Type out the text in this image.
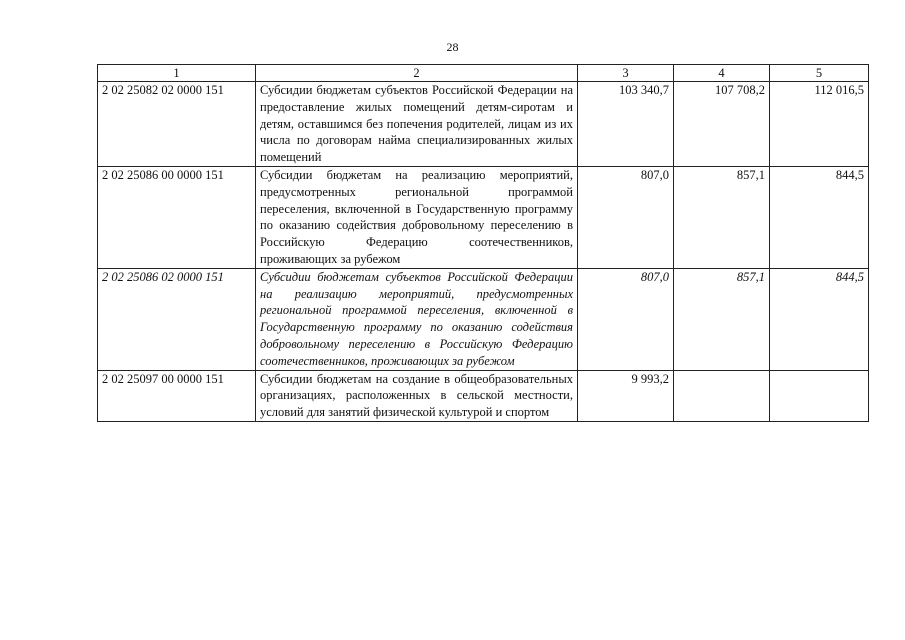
28
1	2	3	4	5
2 02 25082 02 0000 151	Субсидии бюджетам субъектов Российской Федерации на предоставление жилых помещений детям-сиротам и детям, оставшимся без попечения родителей, лицам из их числа по договорам найма специализированных жилых помещений	103 340,7	107 708,2	112 016,5
2 02 25086 00 0000 151	Субсидии бюджетам на реализацию мероприятий, предусмотренных региональной программой переселения, включенной в Государственную программу по оказанию содействия добровольному переселению в Российскую Федерацию соотечественников, проживающих за рубежом	807,0	857,1	844,5
2 02 25086 02 0000 151	Субсидии бюджетам субъектов Российской Федерации на реализацию мероприятий, предусмотренных региональной программой переселения, включенной в Государственную программу по оказанию содействия добровольному переселению в Российскую Федерацию соотечественников, проживающих за рубежом	807,0	857,1	844,5
2 02 25097 00 0000 151	Субсидии бюджетам на создание в общеобразовательных организациях, расположенных в сельской местности, условий для занятий физической культурой и спортом	9 993,2		
